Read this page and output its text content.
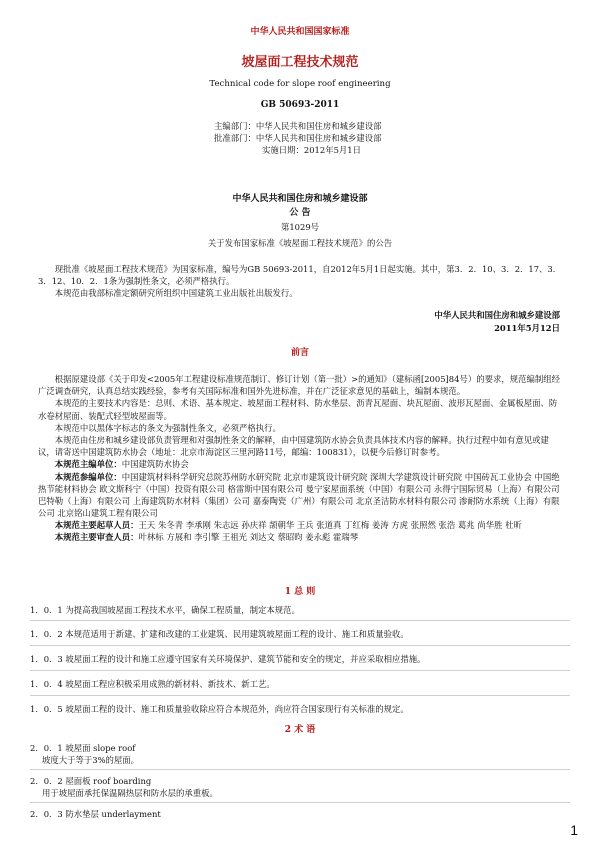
中华人民共和国国家标准
坡屋面工程技术规范
Technical code for slope roof engineering
GB 50693-2011
主编部门：中华人民共和国住房和城乡建设部
批准部门：中华人民共和国住房和城乡建设部
实施日期：2012年5月1日
中华人民共和国住房和城乡建设部
公 告
第1029号
关于发布国家标准《坡屋面工程技术规范》的公告

现批准《坡屋面工程技术规范》为国家标准，编号为GB 50693-2011，自2012年5月1日起实施。其中，第3．2．10、3．2．17、3．3．12、10．2．1条为强制性条文，必须严格执行。

本规范由我部标准定额研究所组织中国建筑工业出版社出版发行。

中华人民共和国住房和城乡建设部
2011年5月12日
前言

根据原建设部《关于印发<2005年工程建设标准规范制订、修订计划（第一批）>的通知》（建标函[2005]84号）的要求，规范编制组经广泛调查研究，认真总结实践经验，参考有关国际标准和国外先进标准，并在广泛征求意见的基础上，编制本规范。

本规范的主要技术内容是：总则、术语、基本规定、坡屋面工程材料、防水垫层、沥青瓦屋面、块瓦屋面、波形瓦屋面、金属板屋面、防水卷材屋面、装配式轻型坡屋面等。

本规范中以黑体字标志的条文为强制性条文，必须严格执行。

本规范由住房和城乡建设部负责管理和对强制性条文的解释，由中国建筑防水协会负责具体技术内容的解释。执行过程中如有意见或建议，请寄送中国建筑防水协会（地址：北京市海淀区三里河路11号，邮编：100831），以便今后修订时参考。

本规范主编单位：中国建筑防水协会

本规范参编单位：中国建筑材料科学研究总院苏州防水研究院 北京市建筑设计研究院 深圳大学建筑设计研究院 中国砖瓦工业协会 中国绝热节能材料协会 欧文斯科宁（中国）投资有限公司 格雷斯中国有限公司 曼宁家屋面系统（中国）有限公司 永得宁国际贸易（上海）有限公司 巴特勒（上海）有限公司 上海建筑防水材料（集团）公司 嘉泰陶瓷（广州）有限公司 北京圣洁防水材料有限公司 渗耐防水系统（上海）有限公司 北京铭山建筑工程有限公司

本规范主要起草人员：王天 朱冬青 李承刚 朱志远 孙庆祥 颉朝华 王兵 张道真 丁红梅 姜涛 方虎 张照然 张浩 葛兆 尚华胜 杜昕

本规范主要审查人员：叶林标 方展和 李引擎 王祖光 刘达文 蔡昭昀 姜永彪 霍瑞琴

1 总 则

1．0．1 为提高我国坡屋面工程技术水平，确保工程质量，制定本规范。

1．0．2 本规范适用于新建、扩建和改建的工业建筑、民用建筑坡屋面工程的设计、施工和质量验收。

1．0．3 坡屋面工程的设计和施工应遵守国家有关环境保护、建筑节能和安全的规定，并应采取相应措施。

1．0．4 坡屋面工程应积极采用成熟的新材料、新技术、新工艺。

1．0．5 坡屋面工程的设计、施工和质量验收除应符合本规范外，尚应符合国家现行有关标准的规定。

2 术 语

2．0．1 坡屋面 slope roof

坡度大于等于3%的屋面。

2．0．2 屋面板 roof boarding

用于坡屋面承托保温隔热层和防水层的承重板。

2．0．3 防水垫层 underlayment

1
